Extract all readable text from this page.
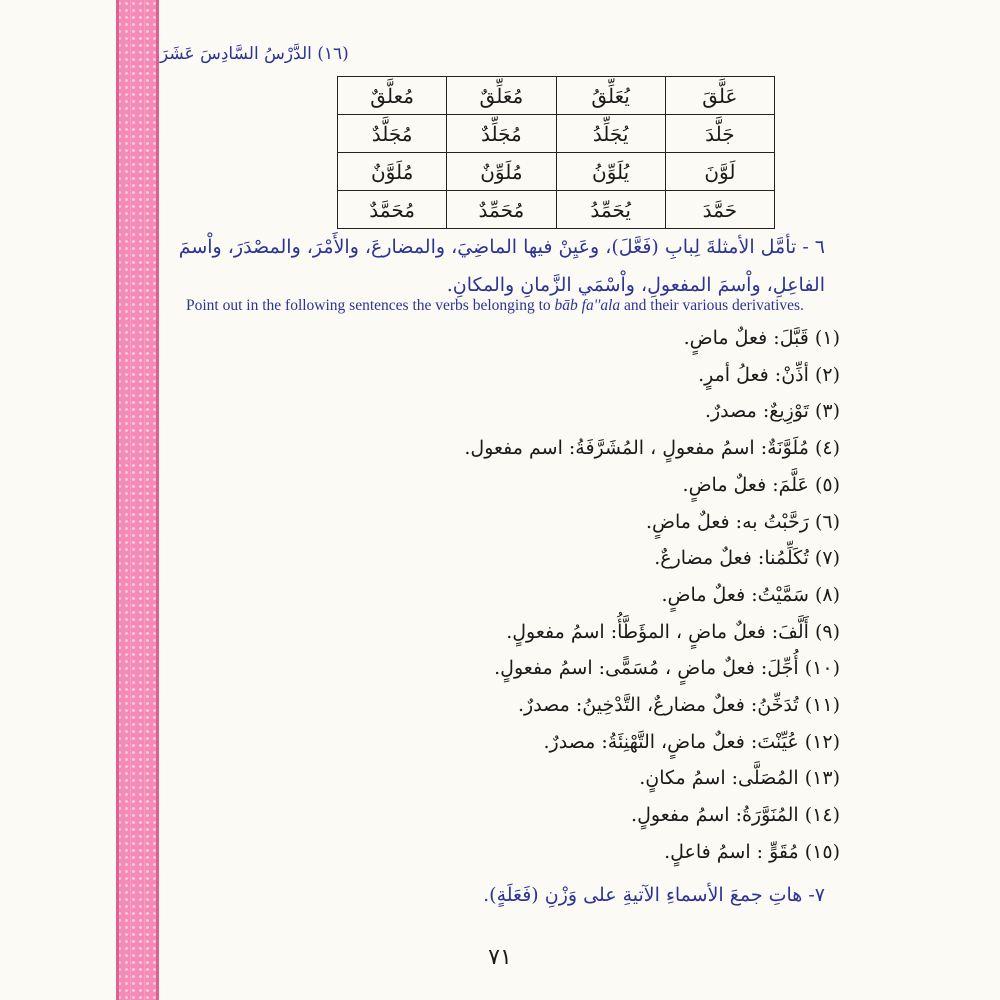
(١٦) الدَّرْسُ السَّادِسَ عَشَرَ
عَلَّقَ	يُعَلِّقُ	مُعَلِّقٌ	مُعلَّقٌ
جَلَّدَ	يُجَلِّدُ	مُجَلِّدٌ	مُجَلَّدٌ
لَوَّنَ	يُلَوِّنُ	مُلَوِّنٌ	مُلَوَّنٌ
حَمَّدَ	يُحَمِّدُ	مُحَمِّدٌ	مُحَمَّدٌ

٦ - تأمَّل الأمثلةَ لِبابِ (فَعَّلَ)، وعَيِنْ فيها الماضِيَ، والمضارعَ، والأَمْرَ، والمصْدَرَ، واْسمَ

الفاعِلِ، واْسمَ المفعولِ، واْسْمَي الزَّمانِ والمكانِ.

Point out in the following sentences the verbs belonging to bāb fa''ala and their various derivatives.
(١) قَبَّلَ: فعلٌ ماضٍ.
(٢) أذِّنْ: فعلُ أمرٍ.
(٣) تَوْزِيعٌ: مصدرٌ.
(٤) مُلَوَّنَةٌ: اسمُ مفعولٍ ، المُشَرَّفَةُ: اسم مفعول.
(٥) عَلَّمَ: فعلٌ ماضٍ.
(٦) رَحَّبْتُ به: فعلٌ ماضٍ.
(٧) تُكَلِّمُنا: فعلٌ مضارعٌ.
(٨) سَمَّيْتُ: فعلٌ ماضٍ.
(٩) أَلَّفَ: فعلٌ ماضٍ ، المؤَطَّأُ: اسمُ مفعولٍ.
(١٠) أُجِّلَ: فعلٌ ماضٍ ، مُسَمًّى: اسمُ مفعولٍ.
(١١) تُدَخِّنُ: فعلٌ مضارعٌ، التَّدْخِينُ: مصدرٌ.
(١٢) عُيِّنْتَ: فعلٌ ماضٍ، التَّهْنِئَةُ: مصدرٌ.
(١٣) المُصَلَّى: اسمُ مكانٍ.
(١٤) المُنَوَّرَةُ: اسمُ مفعولٍ.
(١٥) مُقَوٍّ : اسمُ فاعلٍ.
٧- هاتِ جمعَ الأسماءِ الآتيةِ على وَزْنِ (فَعَلَةٍ).
٧١
